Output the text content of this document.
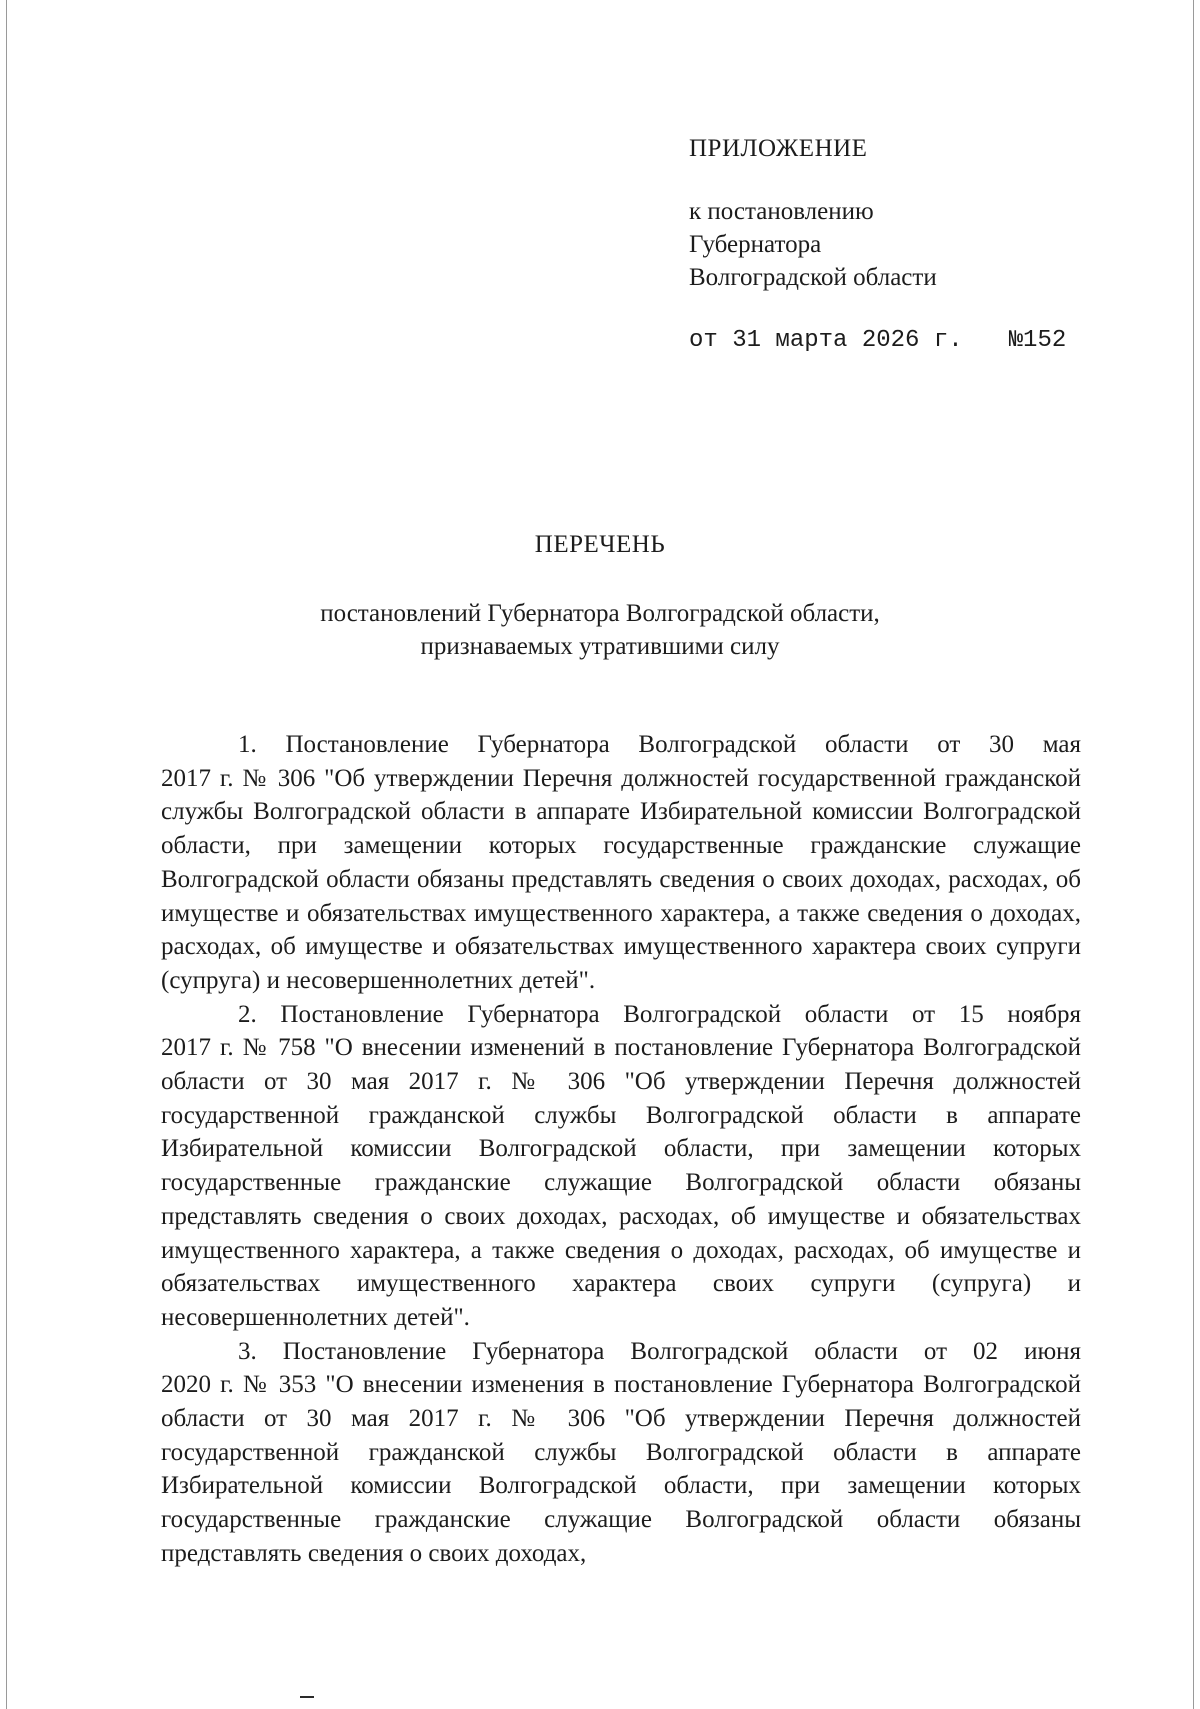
ПРИЛОЖЕНИЕ
к постановлению
Губернатора
Волгоградской области
от 31 марта 2026 г. №152
ПЕРЕЧЕНЬ
постановлений Губернатора Волгоградской области,
признаваемых утратившими силу
1. Постановление Губернатора Волгоградской области от 30 мая
2017 г. № 306 "Об утверждении Перечня должностей государственной гражданской службы Волгоградской области в аппарате Избирательной комиссии Волгоградской области, при замещении которых государственные гражданские служащие Волгоградской области обязаны представлять сведения о своих доходах, расходах, об имуществе и обязательствах имущественного характера, а также сведения о доходах, расходах, об имуществе и обязательствах имущественного характера своих супруги (супруга) и несовершеннолетних детей".
2. Постановление Губернатора Волгоградской области от 15 ноября
2017 г. № 758 "О внесении изменений в постановление Губернатора Волгоградской области от 30 мая 2017 г. № 306 "Об утверждении Перечня должностей государственной гражданской службы Волгоградской области в аппарате Избирательной комиссии Волгоградской области, при замещении которых государственные гражданские служащие Волгоградской области обязаны представлять сведения о своих доходах, расходах, об имуществе и обязательствах имущественного характера, а также сведения о доходах, расходах, об имуществе и обязательствах имущественного характера своих супруги (супруга) и несовершеннолетних детей".
3. Постановление Губернатора Волгоградской области от 02 июня
2020 г. № 353 "О внесении изменения в постановление Губернатора Волгоградской области от 30 мая 2017 г. № 306 "Об утверждении Перечня должностей государственной гражданской службы Волгоградской области в аппарате Избирательной комиссии Волгоградской области, при замещении которых государственные гражданские служащие Волгоградской области обязаны представлять сведения о своих доходах,
